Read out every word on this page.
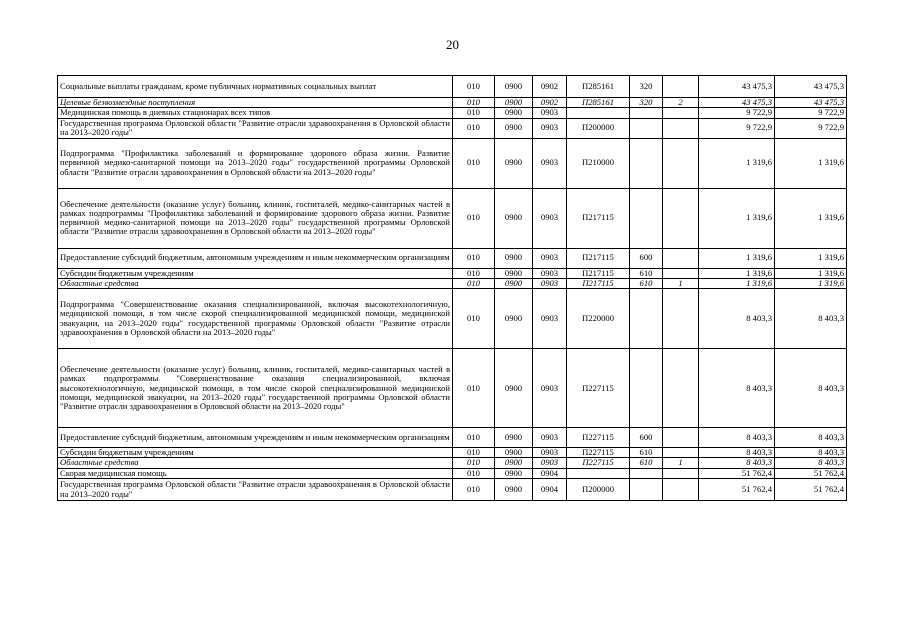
20
Социальные выплаты гражданам, кроме публичных нормативных социальных выплат	010	0900	0902	П285161	320		43 475,3	43 475,3
Целевые безвозмездные поступления	010	0900	0902	П285161	320	2	43 475,3	43 475,3
Медицинская помощь в дневных стационарах всех типов	010	0900	0903				9 722,9	9 722,9
Государственная программа Орловской области "Развитие отрасли здравоохранения в Орловской области на 2013–2020 годы"	010	0900	0903	П200000			9 722,9	9 722,9
Подпрограмма "Профилактика заболеваний и формирование здорового образа жизни. Развитие первичной медико-санитарной помощи на 2013–2020 годы" государственной программы Орловской области "Развитие отрасли здравоохранения в Орловской области на 2013–2020 годы"	010	0900	0903	П210000			1 319,6	1 319,6
Обеспечение деятельности (оказание услуг) больниц, клиник, госпиталей, медико-санитарных частей в рамках подпрограммы "Профилактика заболеваний и формирование здорового образа жизни. Развитие первичной медико-санитарной помощи на 2013–2020 годы" государственной программы Орловской области "Развитие отрасли здравоохранения в Орловской области на 2013–2020 годы"	010	0900	0903	П217115			1 319,6	1 319,6
Предоставление субсидий бюджетным, автономным учреждениям и иным некоммерческим организациям	010	0900	0903	П217115	600		1 319,6	1 319,6
Субсидии бюджетным учреждениям	010	0900	0903	П217115	610		1 319,6	1 319,6
Областные средства	010	0900	0903	П217115	610	1	1 319,6	1 319,6
Подпрограмма "Совершенствование оказания специализированной, включая высокотехнологичную, медицинской помощи, в том числе скорой специализированной медицинской помощи, медицинской эвакуации, на 2013–2020 годы" государственной программы Орловской области "Развитие отрасли здравоохранения в Орловской области на 2013–2020 годы"	010	0900	0903	П220000			8 403,3	8 403,3
Обеспечение деятельности (оказание услуг) больниц, клиник, госпиталей, медико-санитарных частей в рамках подпрограммы "Совершенствование оказания специализированной, включая высокотехнологичную, медицинской помощи, в том числе скорой специализированной медицинской помощи, медицинской эвакуации, на 2013–2020 годы" государственной программы Орловской области "Развитие отрасли здравоохранения в Орловской области на 2013–2020 годы"	010	0900	0903	П227115			8 403,3	8 403,3
Предоставление субсидий бюджетным, автономным учреждениям и иным некоммерческим организациям	010	0900	0903	П227115	600		8 403,3	8 403,3
Субсидии бюджетным учреждениям	010	0900	0903	П227115	610		8 403,3	8 403,3
Областные средства	010	0900	0903	П227115	610	1	8 403,3	8 403,3
Скорая медицинская помощь	010	0900	0904				51 762,4	51 762,4
Государственная программа Орловской области "Развитие отрасли здравоохранения в Орловской области на 2013–2020 годы"	010	0900	0904	П200000			51 762,4	51 762,4
